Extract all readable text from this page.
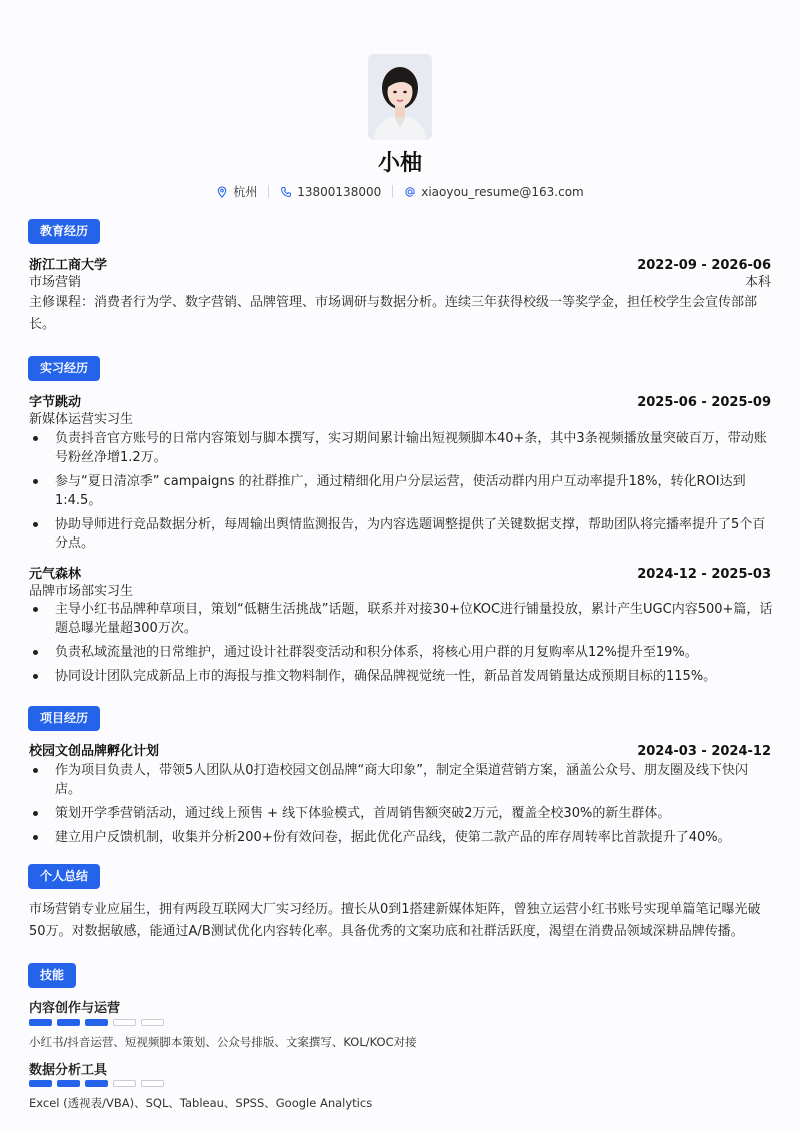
小柚
杭州	13800138000	xiaoyou_resume@163.com
教育经历
浙江工商大学	2022-09 - 2026-06
市场营销	本科
主修课程：消费者行为学、数字营销、品牌管理、市场调研与数据分析。连续三年获得校级一等奖学金，担任校学生会宣传部部
长。
实习经历
字节跳动	2025-06 - 2025-09
新媒体运营实习生
负责抖音官方账号的日常内容策划与脚本撰写，实习期间累计输出短视频脚本40+条，其中3条视频播放量突破百万，带动账号粉丝净增1.2万。
参与“夏日清凉季” campaigns 的社群推广，通过精细化用户分层运营，使活动群内用户互动率提升18%，转化ROI达到1:4.5。
协助导师进行竞品数据分析，每周输出舆情监测报告，为内容选题调整提供了关键数据支撑，帮助团队将完播率提升了5个百分点。
元气森林	2024-12 - 2025-03
品牌市场部实习生
主导小红书品牌种草项目，策划“低糖生活挑战”话题，联系并对接30+位KOC进行铺量投放，累计产生UGC内容500+篇，话题总曝光量超300万次。
负责私域流量池的日常维护，通过设计社群裂变活动和积分体系，将核心用户群的月复购率从12%提升至19%。
协同设计团队完成新品上市的海报与推文物料制作，确保品牌视觉统一性，新品首发周销量达成预期目标的115%。
项目经历
校园文创品牌孵化计划	2024-03 - 2024-12
作为项目负责人，带领5人团队从0打造校园文创品牌“商大印象”，制定全渠道营销方案，涵盖公众号、朋友圈及线下快闪店。
策划开学季营销活动，通过线上预售 + 线下体验模式，首周销售额突破2万元，覆盖全校30%的新生群体。
建立用户反馈机制，收集并分析200+份有效问卷，据此优化产品线，使第二款产品的库存周转率比首款提升了40%。
个人总结
市场营销专业应届生，拥有两段互联网大厂实习经历。擅长从0到1搭建新媒体矩阵，曾独立运营小红书账号实现单篇笔记曝光破
50万。对数据敏感，能通过A/B测试优化内容转化率。具备优秀的文案功底和社群活跃度，渴望在消费品领域深耕品牌传播。
技能
内容创作与运营
小红书/抖音运营、短视频脚本策划、公众号排版、文案撰写、KOL/KOC对接
数据分析工具
Excel (透视表/VBA)、SQL、Tableau、SPSS、Google Analytics
